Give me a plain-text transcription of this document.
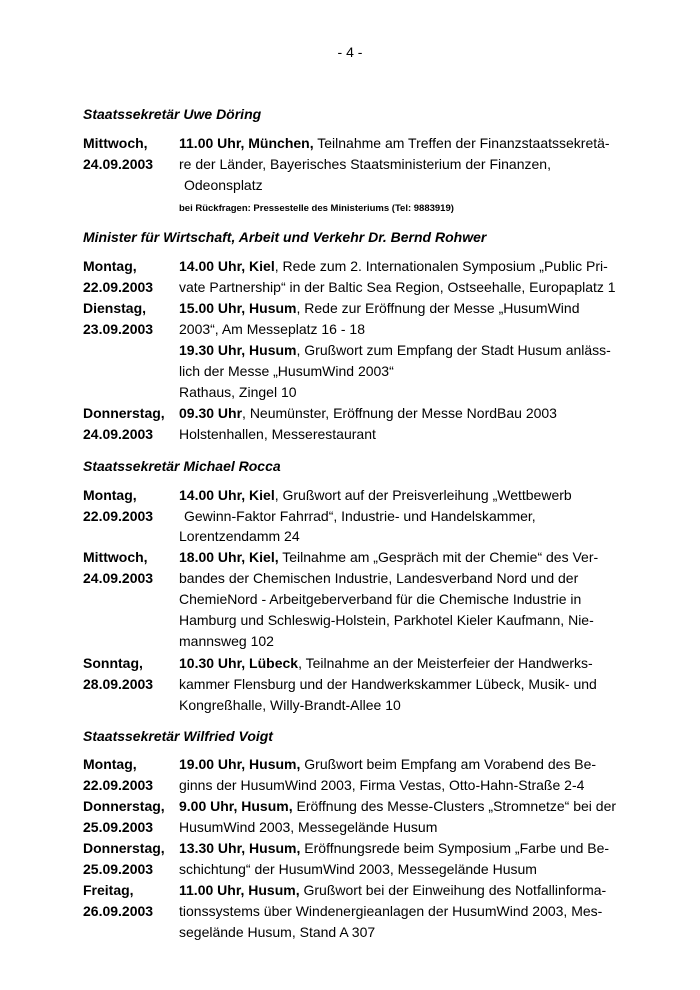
- 4 -
Staatssekretär Uwe Döring
Mittwoch,
24.09.2003
11.00 Uhr, München, Teilnahme am Treffen der Finanzstaatssekretä-
re der Länder, Bayerisches Staatsministerium der Finanzen,
Odeonsplatz
bei Rückfragen: Pressestelle des Ministeriums (Tel: 9883919)
Minister für Wirtschaft, Arbeit und Verkehr Dr. Bernd Rohwer
Montag,
22.09.2003
Dienstag,
23.09.2003
Donnerstag,
24.09.2003
14.00 Uhr, Kiel, Rede zum 2. Internationalen Symposium „Public Pri-
vate Partnership“ in der Baltic Sea Region, Ostseehalle, Europaplatz 1
15.00 Uhr, Husum, Rede zur Eröffnung der Messe „HusumWind
2003“, Am Messeplatz 16 - 18
19.30 Uhr, Husum, Grußwort zum Empfang der Stadt Husum anläss-
lich der Messe „HusumWind 2003“
Rathaus, Zingel 10
09.30 Uhr, Neumünster, Eröffnung der Messe NordBau 2003
Holstenhallen, Messerestaurant
Staatssekretär Michael Rocca
Montag,
22.09.2003
Mittwoch,
24.09.2003
Sonntag,
28.09.2003
14.00 Uhr, Kiel, Grußwort auf der Preisverleihung „Wettbewerb
Gewinn-Faktor Fahrrad“, Industrie- und Handelskammer,
Lorentzendamm 24
18.00 Uhr, Kiel, Teilnahme am „Gespräch mit der Chemie“ des Ver-
bandes der Chemischen Industrie, Landesverband Nord und der
ChemieNord - Arbeitgeberverband für die Chemische Industrie in
Hamburg und Schleswig-Holstein, Parkhotel Kieler Kaufmann, Nie-
mannsweg 102
10.30 Uhr, Lübeck, Teilnahme an der Meisterfeier der Handwerks-
kammer Flensburg und der Handwerkskammer Lübeck, Musik- und
Kongreßhalle, Willy-Brandt-Allee 10
Staatssekretär Wilfried Voigt
Montag,
22.09.2003
Donnerstag,
25.09.2003
Donnerstag,
25.09.2003
Freitag,
26.09.2003
19.00 Uhr, Husum, Grußwort beim Empfang am Vorabend des Be-
ginns der HusumWind 2003, Firma Vestas, Otto-Hahn-Straße 2-4
9.00 Uhr, Husum, Eröffnung des Messe-Clusters „Stromnetze“ bei der
HusumWind 2003, Messegelände Husum
13.30 Uhr, Husum, Eröffnungsrede beim Symposium „Farbe und Be-
schichtung“ der HusumWind 2003, Messegelände Husum
11.00 Uhr, Husum, Grußwort bei der Einweihung des Notfallinforma-
tionssystems über Windenergieanlagen der HusumWind 2003, Mes-
segelände Husum, Stand A 307
